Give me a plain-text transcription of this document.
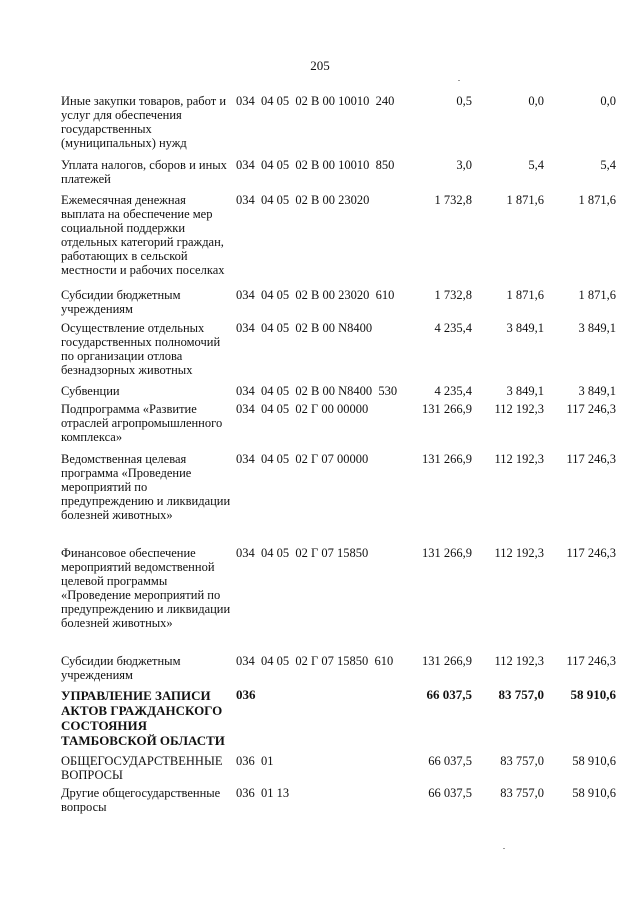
205
Иные закупки товаров, работ и услуг для обеспечения государственных (муниципальных) нужд
034  04 05  02 В 00 10010  240	0,5	0,0	0,0
Уплата налогов, сборов и иных платежей
034  04 05  02 В 00 10010  850	3,0	5,4	5,4
Ежемесячная денежная выплата на обеспечение мер социальной поддержки отдельных категорий граждан, работающих в сельской местности и рабочих поселках
034  04 05  02 В 00 23020	1 732,8	1 871,6	1 871,6
Субсидии бюджетным учреждениям
034  04 05  02 В 00 23020  610	1 732,8	1 871,6	1 871,6
Осуществление отдельных государственных полномочий по организации отлова безнадзорных животных
034  04 05  02 В 00 N8400	4 235,4	3 849,1	3 849,1
Субвенции	034  04 05  02 В 00 N8400  530	4 235,4	3 849,1	3 849,1
Подпрограмма «Развитие отраслей агропромышленного комплекса»
034  04 05  02 Г 00 00000	131 266,9	112 192,3	117 246,3
Ведомственная целевая программа «Проведение мероприятий по предупреждению и ликвидации болезней животных»
034  04 05  02 Г 07 00000	131 266,9	112 192,3	117 246,3
Финансовое обеспечение мероприятий ведомственной целевой программы «Проведение мероприятий по предупреждению и ликвидации болезней животных»
034  04 05  02 Г 07 15850	131 266,9	112 192,3	117 246,3
Субсидии бюджетным учреждениям
034  04 05  02 Г 07 15850  610	131 266,9	112 192,3	117 246,3
УПРАВЛЕНИЕ ЗАПИСИ АКТОВ ГРАЖДАНСКОГО СОСТОЯНИЯ ТАМБОВСКОЙ ОБЛАСТИ
036	66 037,5	83 757,0	58 910,6
ОБЩЕГОСУДАРСТВЕННЫЕ ВОПРОСЫ
036  01	66 037,5	83 757,0	58 910,6
Другие общегосударственные вопросы
036  01 13	66 037,5	83 757,0	58 910,6
